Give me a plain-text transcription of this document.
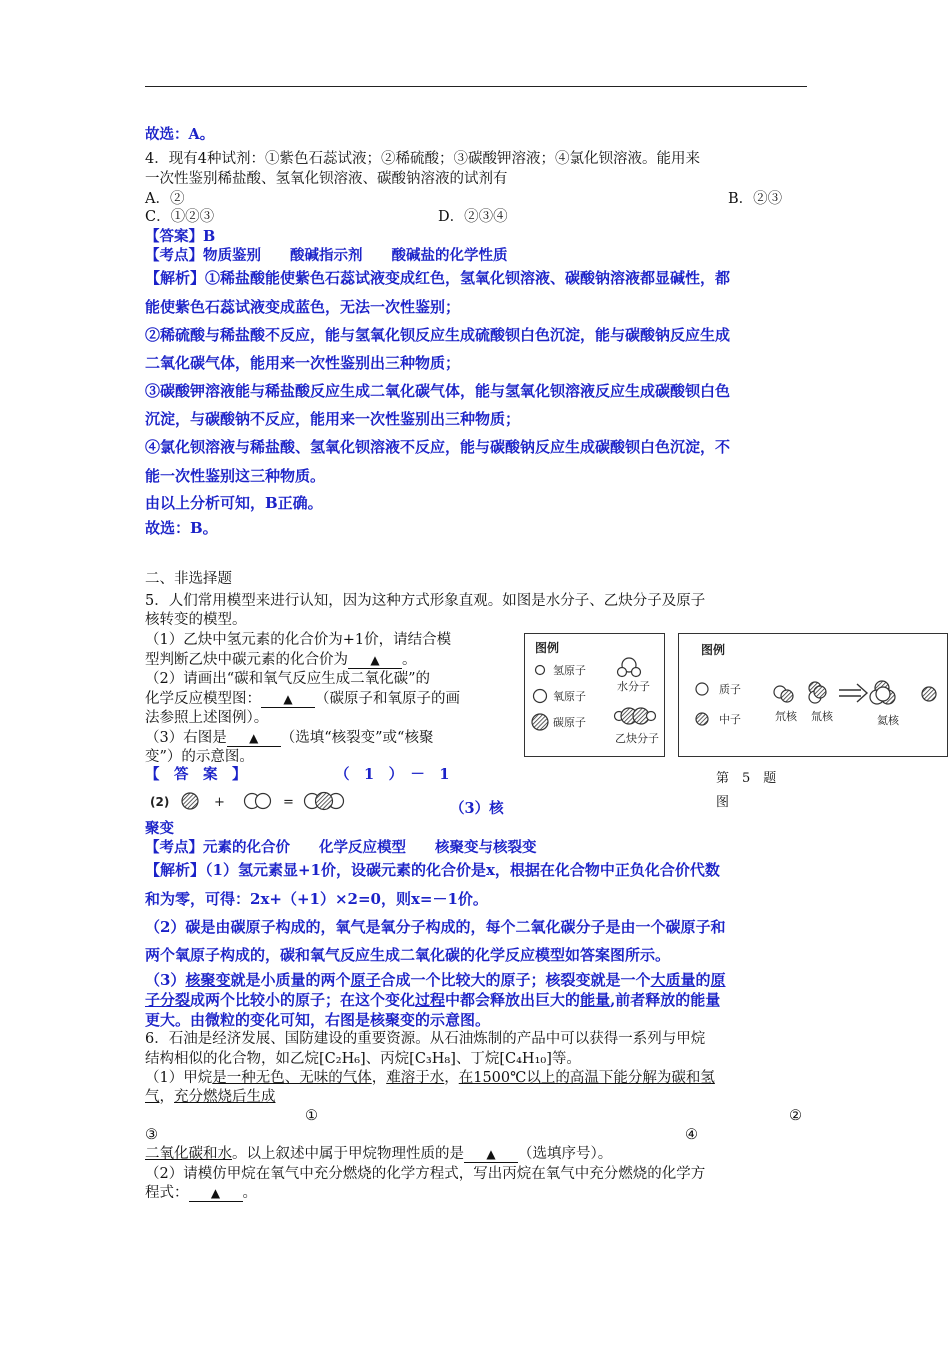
故选：A。
4．现有4种试剂：①紫色石蕊试液；②稀硫酸；③碳酸钾溶液；④氯化钡溶液。能用来
一次性鉴别稀盐酸、氢氧化钡溶液、碳酸钠溶液的试剂有
A．②	B．②③
C．①②③	D．②③④
【答案】B
【考点】物质鉴别　　酸碱指示剂　　酸碱盐的化学性质
【解析】①稀盐酸能使紫色石蕊试液变成红色，氢氧化钡溶液、碳酸钠溶液都显碱性，都
能使紫色石蕊试液变成蓝色，无法一次性鉴别；
②稀硫酸与稀盐酸不反应，能与氢氧化钡反应生成硫酸钡白色沉淀，能与碳酸钠反应生成
二氧化碳气体，能用来一次性鉴别出三种物质；
③碳酸钾溶液能与稀盐酸反应生成二氧化碳气体，能与氢氧化钡溶液反应生成碳酸钡白色
沉淀，与碳酸钠不反应，能用来一次性鉴别出三种物质；
④氯化钡溶液与稀盐酸、氢氧化钡溶液不反应，能与碳酸钠反应生成碳酸钡白色沉淀，不
能一次性鉴别这三种物质。
由以上分析可知，B正确。
故选：B。
二、非选择题
5．人们常用模型来进行认知，因为这种方式形象直观。如图是水分子、乙炔分子及原子
核转变的模型。
（1）乙炔中氢元素的化合价为+1价，请结合模
型判断乙炔中碳元素的化合价为 ▲ 。
（2）请画出“碳和氧气反应生成二氧化碳”的
化学反应模型图： ▲ （碳原子和氧原子的画
法参照上述图例）。
（3）右图是 ▲ （选填“核裂变”或“核聚
变”）的示意图。
图例
氢原子
氧原子
碳原子
水分子
乙炔分子
图例
质子
中子	氘核 氚核	氦核
第　5　题
图
【　答　案　】	（　1　）　－　1
(2)	+	=	（3）核
聚变
【考点】元素的化合价　　化学反应模型　　核聚变与核裂变
【解析】（1）氢元素显+1价，设碳元素的化合价是x，根据在化合物中正负化合价代数
和为零，可得：2x+（+1）×2=0，则x=－1价。
（2）碳是由碳原子构成的，氧气是氧分子构成的，每个二氧化碳分子是由一个碳原子和
两个氧原子构成的，碳和氧气反应生成二氧化碳的化学反应模型如答案图所示。
（3）核聚变就是小质量的两个原子合成一个比较大的原子；核裂变就是一个大质量的原
子分裂成两个比较小的原子；在这个变化过程中都会释放出巨大的能量,前者释放的能量
更大。由微粒的变化可知，右图是核聚变的示意图。
6．石油是经济发展、国防建设的重要资源。从石油炼制的产品中可以获得一系列与甲烷
结构相似的化合物，如乙烷[C₂H₆]、丙烷[C₃H₈]、丁烷[C₄H₁₀]等。
（1）甲烷是一种无色、无味的气体，难溶于水，在1500℃以上的高温下能分解为碳和氢
气，充分燃烧后生成
①	②
③	④
二氧化碳和水。以上叙述中属于甲烷物理性质的是 ▲ （选填序号）。
（2）请模仿甲烷在氧气中充分燃烧的化学方程式，写出丙烷在氧气中充分燃烧的化学方
程式： ▲ 。
